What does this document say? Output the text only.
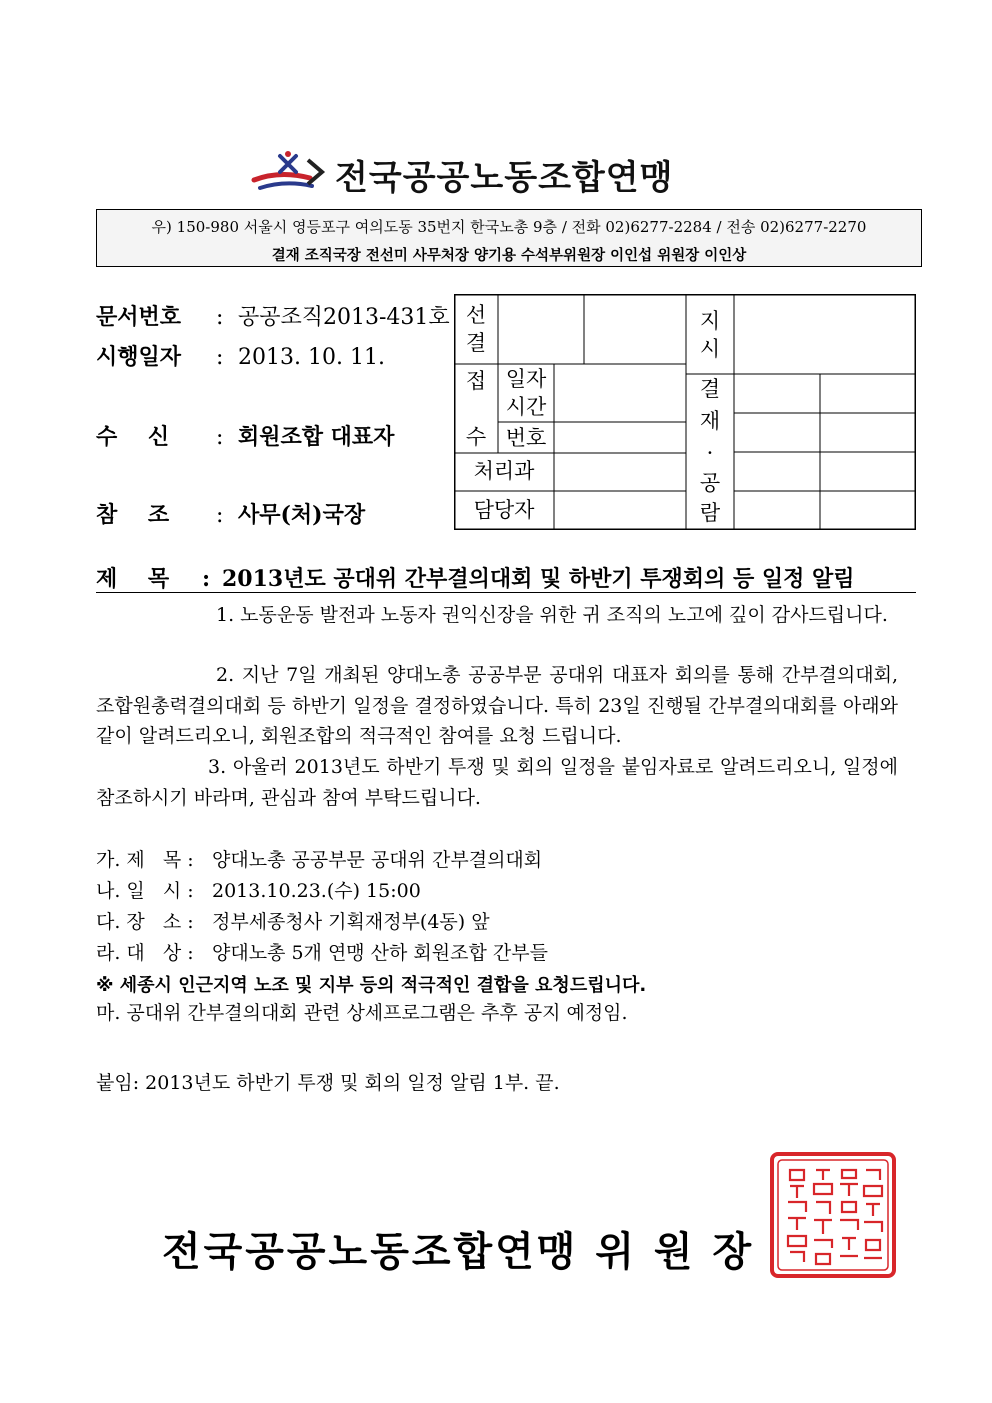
전국공공노동조합연맹
우) 150-980 서울시 영등포구 여의도동 35번지 한국노총 9층 / 전화 02)6277-2284 / 전송 02)6277-2270
결재 조직국장 전선미 사무처장 양기용 수석부위원장 이인섭 위원장 이인상
문서번호 : 공공조직2013-431호
시행일자 : 2013. 10. 11.
수    신 : 회원조합 대표자
참    조 : 사무(처)국장
선
결
지
시
접
수
일자
시간
번호
처리과
담당자
결
재
·
공
람
제    목 : 2013년도 공대위 간부결의대회 및 하반기 투쟁회의 등 일정 알림
1. 노동운동 발전과 노동자 권익신장을 위한 귀 조직의 노고에 깊이 감사드립니다.
2. 지난 7일 개최된 양대노총 공공부문 공대위 대표자 회의를 통해 간부결의대회, 조합원총력결의대회 등 하반기 일정을 결정하였습니다. 특히 23일 진행될 간부결의대회를 아래와 같이 알려드리오니, 회원조합의 적극적인 참여를 요청 드립니다.
3. 아울러 2013년도 하반기 투쟁 및 회의 일정을 붙임자료로 알려드리오니, 일정에 참조하시기 바라며, 관심과 참여 부탁드립니다.
가. 제   목 : 양대노총 공공부문 공대위 간부결의대회
나. 일   시 : 2013.10.23.(수) 15:00
다. 장   소 : 정부세종청사 기획재정부(4동) 앞
라. 대   상 : 양대노총 5개 연맹 산하 회원조합 간부들
※ 세종시 인근지역 노조 및 지부 등의 적극적인 결합을 요청드립니다.
마. 공대위 간부결의대회 관련 상세프로그램은 추후 공지 예정임.
붙임: 2013년도 하반기 투쟁 및 회의 일정 알림 1부. 끝.
전국공공노동조합연맹 위 원 장
